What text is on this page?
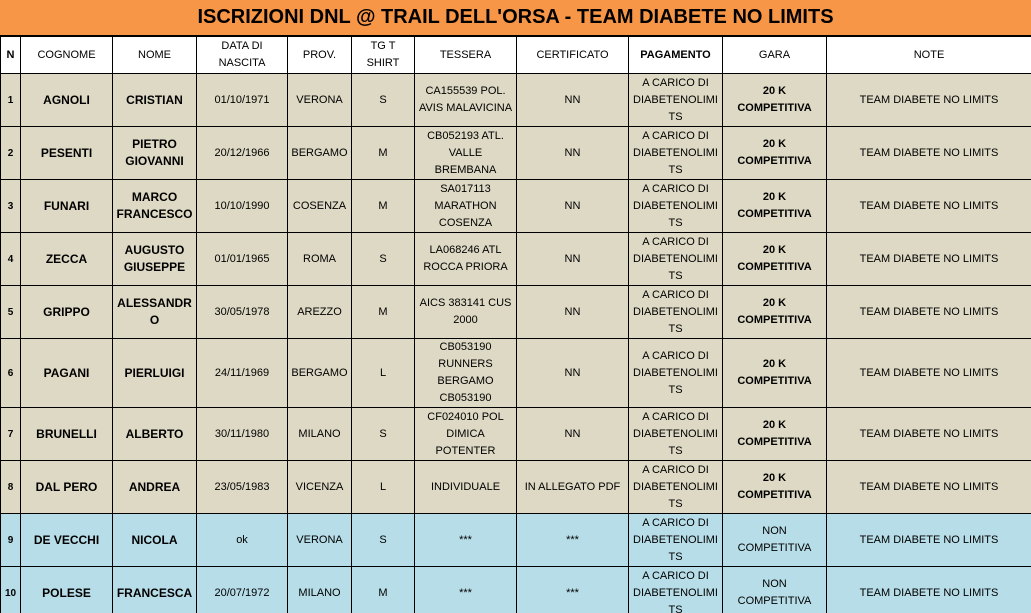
ISCRIZIONI DNL @ TRAIL DELL'ORSA - TEAM DIABETE NO LIMITS
N	COGNOME	NOME	DATA DI NASCITA	PROV.	TG T SHIRT	TESSERA	CERTIFICATO	PAGAMENTO	GARA	NOTE
1	AGNOLI	CRISTIAN	01/10/1971	VERONA	S	CA155539 POL. AVIS MALAVICINA	NN	A CARICO DI DIABETENOLIMITS	20 K COMPETITIVA	TEAM DIABETE NO LIMITS
2	PESENTI	PIETRO GIOVANNI	20/12/1966	BERGAMO	M	CB052193 ATL. VALLE BREMBANA	NN	A CARICO DI DIABETENOLIMITS	20 K COMPETITIVA	TEAM DIABETE NO LIMITS
3	FUNARI	MARCO FRANCESCO	10/10/1990	COSENZA	M	SA017113 MARATHON COSENZA	NN	A CARICO DI DIABETENOLIMITS	20 K COMPETITIVA	TEAM DIABETE NO LIMITS
4	ZECCA	AUGUSTO GIUSEPPE	01/01/1965	ROMA	S	LA068246 ATL ROCCA PRIORA	NN	A CARICO DI DIABETENOLIMITS	20 K COMPETITIVA	TEAM DIABETE NO LIMITS
5	GRIPPO	ALESSANDRO	30/05/1978	AREZZO	M	AICS 383141 CUS 2000	NN	A CARICO DI DIABETENOLIMITS	20 K COMPETITIVA	TEAM DIABETE NO LIMITS
6	PAGANI	PIERLUIGI	24/11/1969	BERGAMO	L	CB053190 RUNNERS BERGAMO CB053190	NN	A CARICO DI DIABETENOLIMITS	20 K COMPETITIVA	TEAM DIABETE NO LIMITS
7	BRUNELLI	ALBERTO	30/11/1980	MILANO	S	CF024010 POL DIMICA POTENTER	NN	A CARICO DI DIABETENOLIMITS	20 K COMPETITIVA	TEAM DIABETE NO LIMITS
8	DAL PERO	ANDREA	23/05/1983	VICENZA	L	INDIVIDUALE	IN ALLEGATO PDF	A CARICO DI DIABETENOLIMITS	20 K COMPETITIVA	TEAM DIABETE NO LIMITS
9	DE VECCHI	NICOLA	ok	VERONA	S	***	***	A CARICO DI DIABETENOLIMITS	NON COMPETITIVA	TEAM DIABETE NO LIMITS
10	POLESE	FRANCESCA	20/07/1972	MILANO	M	***	***	A CARICO DI DIABETENOLIMITS	NON COMPETITIVA	TEAM DIABETE NO LIMITS
